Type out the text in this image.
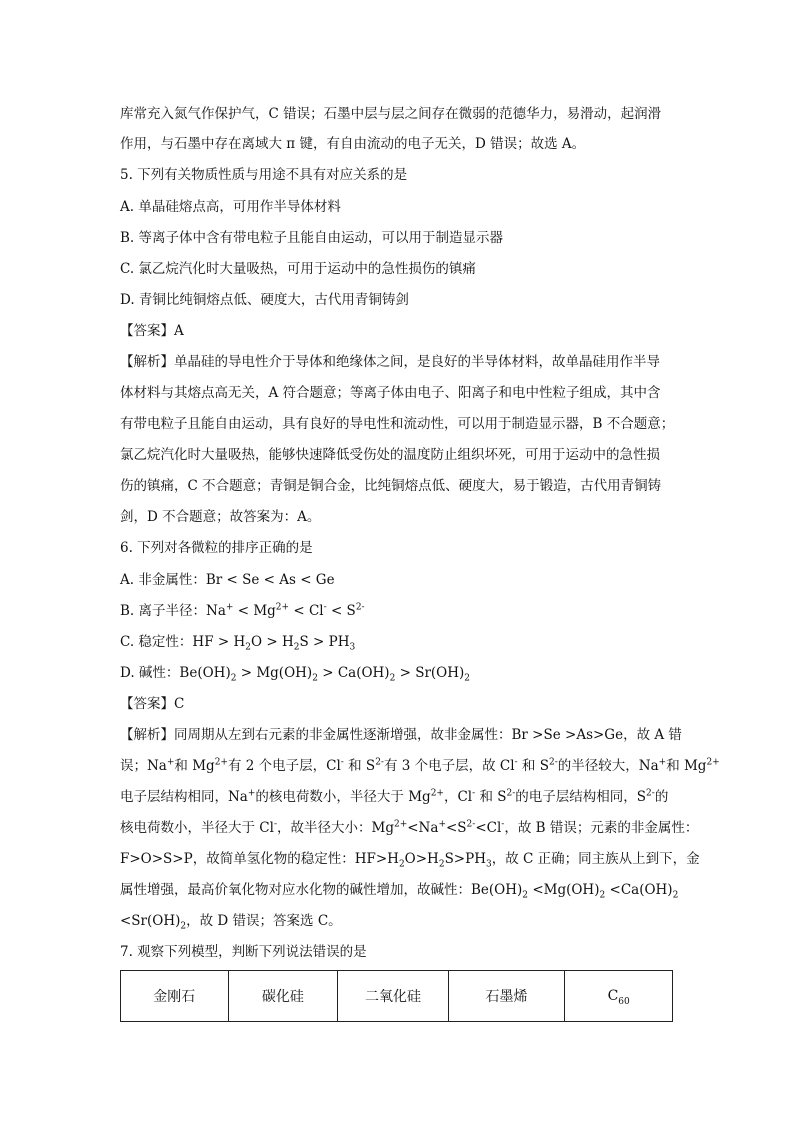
库常充入氮气作保护气，C 错误；石墨中层与层之间存在微弱的范德华力，易滑动，起润滑
作用，与石墨中存在离域大 π 键，有自由流动的电子无关，D 错误；故选 A。
5. 下列有关物质性质与用途不具有对应关系的是
A. 单晶硅熔点高，可用作半导体材料
B. 等离子体中含有带电粒子且能自由运动，可以用于制造显示器
C. 氯乙烷汽化时大量吸热，可用于运动中的急性损伤的镇痛
D. 青铜比纯铜熔点低、硬度大，古代用青铜铸剑
【答案】A
【解析】单晶硅的导电性介于导体和绝缘体之间，是良好的半导体材料，故单晶硅用作半导
体材料与其熔点高无关，A 符合题意；等离子体由电子、阳离子和电中性粒子组成，其中含
有带电粒子且能自由运动，具有良好的导电性和流动性，可以用于制造显示器，B 不合题意；
氯乙烷汽化时大量吸热，能够快速降低受伤处的温度防止组织坏死，可用于运动中的急性损
伤的镇痛，C 不合题意；青铜是铜合金，比纯铜熔点低、硬度大，易于锻造，古代用青铜铸
剑，D 不合题意；故答案为：A。
6. 下列对各微粒的排序正确的是
A. 非金属性：Br < Se < As < Ge
B. 离子半径：$Na^+ < Mg^{2+} < Cl^- < S^{2-}$
C. 稳定性：HF > $H_2O > H_2S > PH_3$
D. 碱性：$Be(OH)_2 > Mg(OH)_2 > Ca(OH)_2 > Sr(OH)_2$
【答案】C
【解析】同周期从左到右元素的非金属性逐渐增强，故非金属性：Br >Se >As>Ge，故 A 错
误；Na+和 $Mg^{2+}$有 2 个电子层，Cl- 和 $S^{2-}$有 3 个电子层，故 Cl- 和 $S^{2-}$的半径较大，Na+和 $Mg^{2+}$
电子层结构相同，Na+的核电荷数小，半径大于 $Mg^{2+}$，Cl- 和 $S^{2-}$的电子层结构相同，$S^{2-}$的
核电荷数小，半径大于 Cl-，故半径大小：$Mg^{2+}<Na^+<S^{2-}<Cl^-$，故 B 错误；元素的非金属性：
F>O>S>P，故简单氢化物的稳定性：$HF>H_2O>H_2S>PH_3$，故 C 正确；同主族从上到下，金
属性增强，最高价氧化物对应水化物的碱性增加，故碱性：$Be(OH)_2 <Mg(OH)_2 <Ca(OH)_2$
$<Sr(OH)_2$，故 D 错误；答案选 C。
7. 观察下列模型，判断下列说法错误的是
金刚石	碳化硅	二氧化硅	石墨烯	$C_{60}$
